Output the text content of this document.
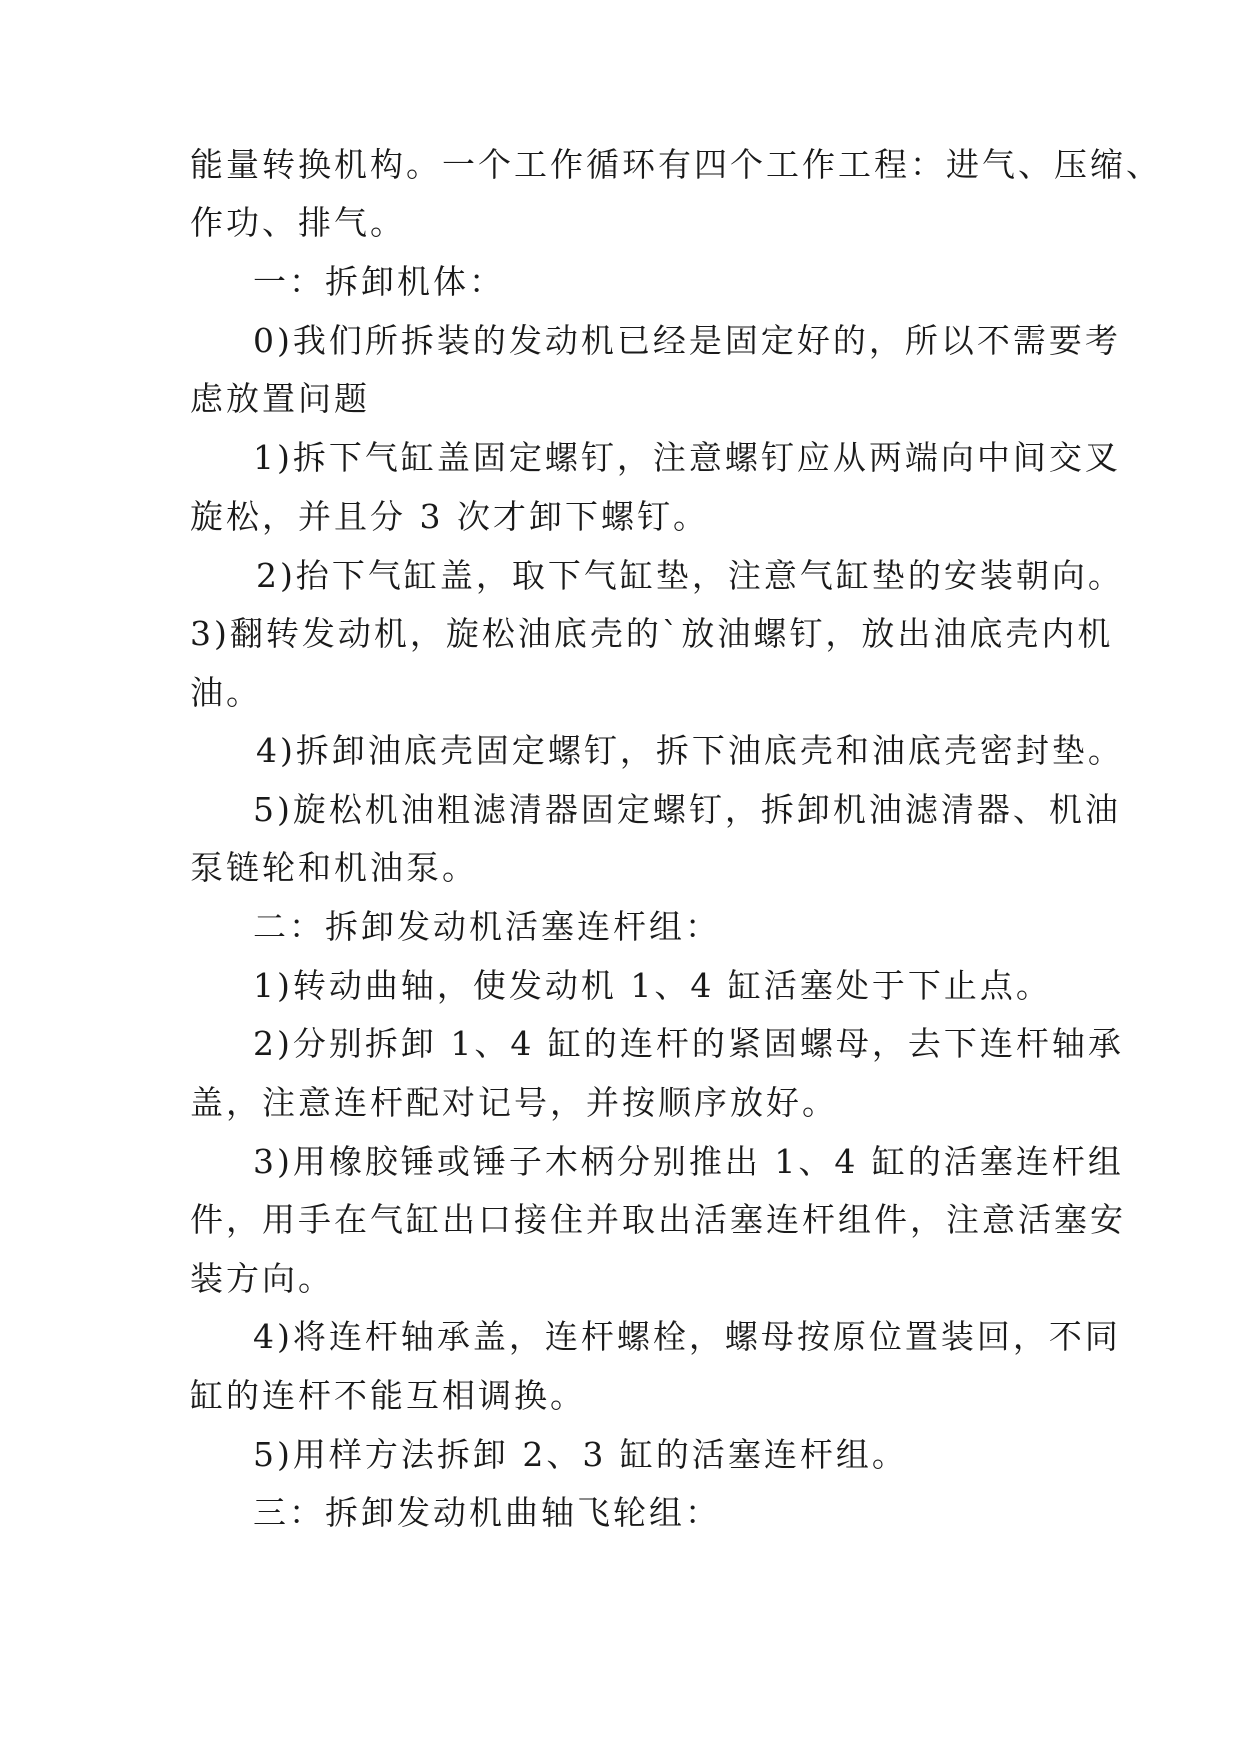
能量转换机构。一个工作循环有四个工作工程：进气、压缩、
作功、排气。
一：拆卸机体：
0)我们所拆装的发动机已经是固定好的，所以不需要考
虑放置问题
1)拆下气缸盖固定螺钉，注意螺钉应从两端向中间交叉
旋松，并且分 3 次才卸下螺钉。
2)抬下气缸盖，取下气缸垫，注意气缸垫的安装朝向。
3)翻转发动机，旋松油底壳的`放油螺钉，放出油底壳内机
油。
4)拆卸油底壳固定螺钉，拆下油底壳和油底壳密封垫。
5)旋松机油粗滤清器固定螺钉，拆卸机油滤清器、机油
泵链轮和机油泵。
二：拆卸发动机活塞连杆组：
1)转动曲轴，使发动机 1、4 缸活塞处于下止点。
2)分别拆卸 1、4 缸的连杆的紧固螺母，去下连杆轴承
盖，注意连杆配对记号，并按顺序放好。
3)用橡胶锤或锤子木柄分别推出 1、4 缸的活塞连杆组
件，用手在气缸出口接住并取出活塞连杆组件，注意活塞安
装方向。
4)将连杆轴承盖，连杆螺栓，螺母按原位置装回，不同
缸的连杆不能互相调换。
5)用样方法拆卸 2、3 缸的活塞连杆组。
三：拆卸发动机曲轴飞轮组：
